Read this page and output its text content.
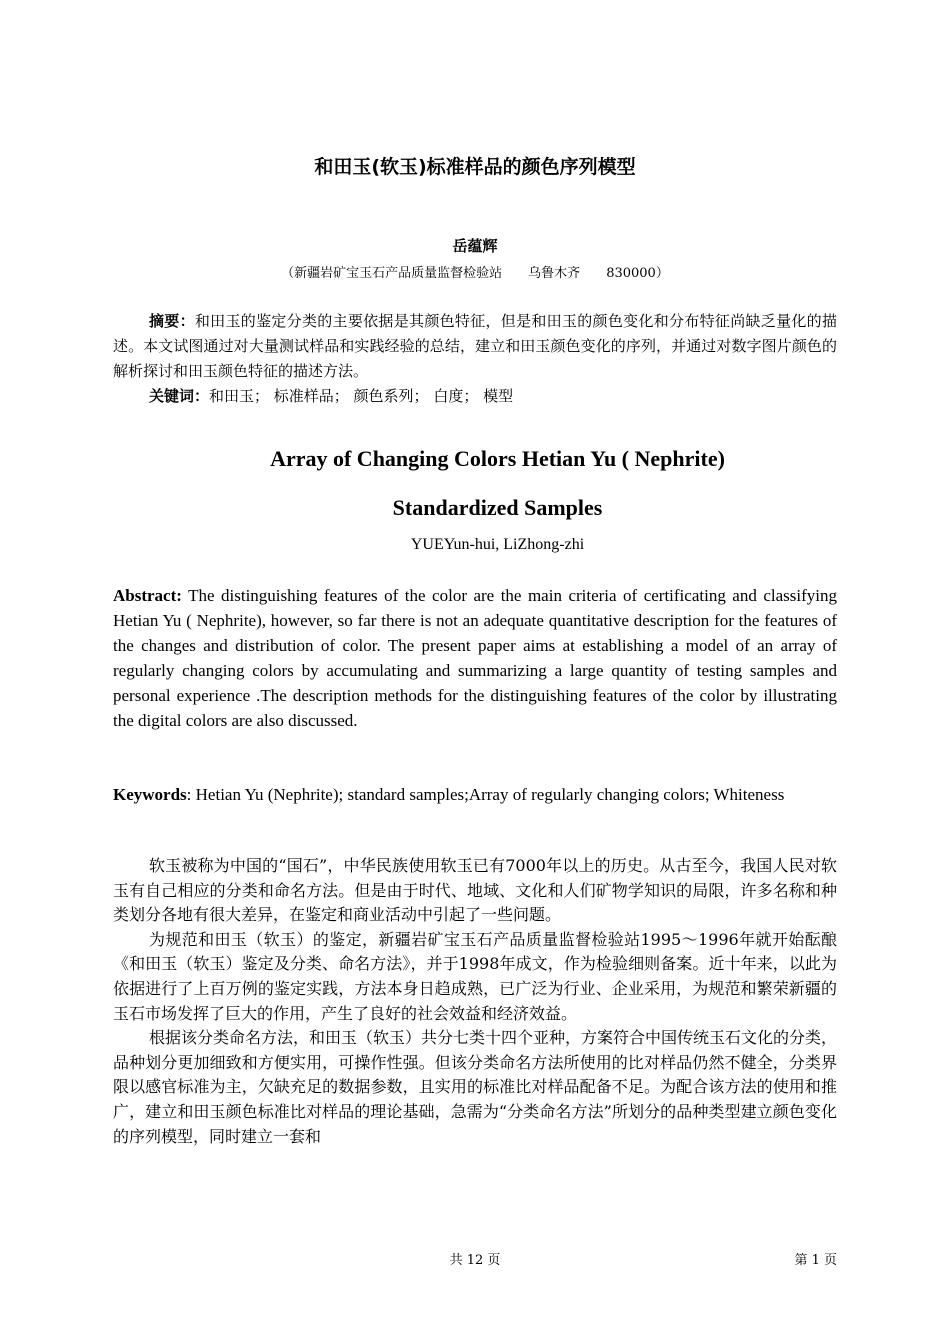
和田玉(软玉)标准样品的颜色序列模型
岳蕴辉
（新疆岩矿宝玉石产品质量监督检验站 乌鲁木齐 830000）
摘要：和田玉的鉴定分类的主要依据是其颜色特征，但是和田玉的颜色变化和分布特征尚缺乏量化的描述。本文试图通过对大量测试样品和实践经验的总结，建立和田玉颜色变化的序列，并通过对数字图片颜色的解析探讨和田玉颜色特征的描述方法。
关键词：和田玉； 标准样品； 颜色系列； 白度； 模型
Array of Changing Colors Hetian Yu ( Nephrite)
Standardized Samples
YUEYun-hui, LiZhong-zhi
Abstract: The distinguishing features of the color are the main criteria of certificating and classifying Hetian Yu ( Nephrite), however, so far there is not an adequate quantitative description for the features of the changes and distribution of color. The present paper aims at establishing a model of an array of regularly changing colors by accumulating and summarizing a large quantity of testing samples and personal experience .The description methods for the distinguishing features of the color by illustrating the digital colors are also discussed.
Keywords: Hetian Yu (Nephrite); standard samples;Array of regularly changing colors; Whiteness

软玉被称为中国的“国石”，中华民族使用软玉已有7000年以上的历史。从古至今，我国人民对软玉有自己相应的分类和命名方法。但是由于时代、地域、文化和人们矿物学知识的局限，许多名称和种类划分各地有很大差异，在鉴定和商业活动中引起了一些问题。

为规范和田玉（软玉）的鉴定，新疆岩矿宝玉石产品质量监督检验站1995～1996年就开始酝酿《和田玉（软玉）鉴定及分类、命名方法》，并于1998年成文，作为检验细则备案。近十年来，以此为依据进行了上百万例的鉴定实践，方法本身日趋成熟，已广泛为行业、企业采用，为规范和繁荣新疆的玉石市场发挥了巨大的作用，产生了良好的社会效益和经济效益。

根据该分类命名方法，和田玉（软玉）共分七类十四个亚种，方案符合中国传统玉石文化的分类，品种划分更加细致和方便实用，可操作性强。但该分类命名方法所使用的比对样品仍然不健全，分类界限以感官标准为主，欠缺充足的数据参数，且实用的标准比对样品配备不足。为配合该方法的使用和推广，建立和田玉颜色标准比对样品的理论基础，急需为“分类命名方法”所划分的品种类型建立颜色变化的序列模型，同时建立一套和

共 12 页	第 1 页
